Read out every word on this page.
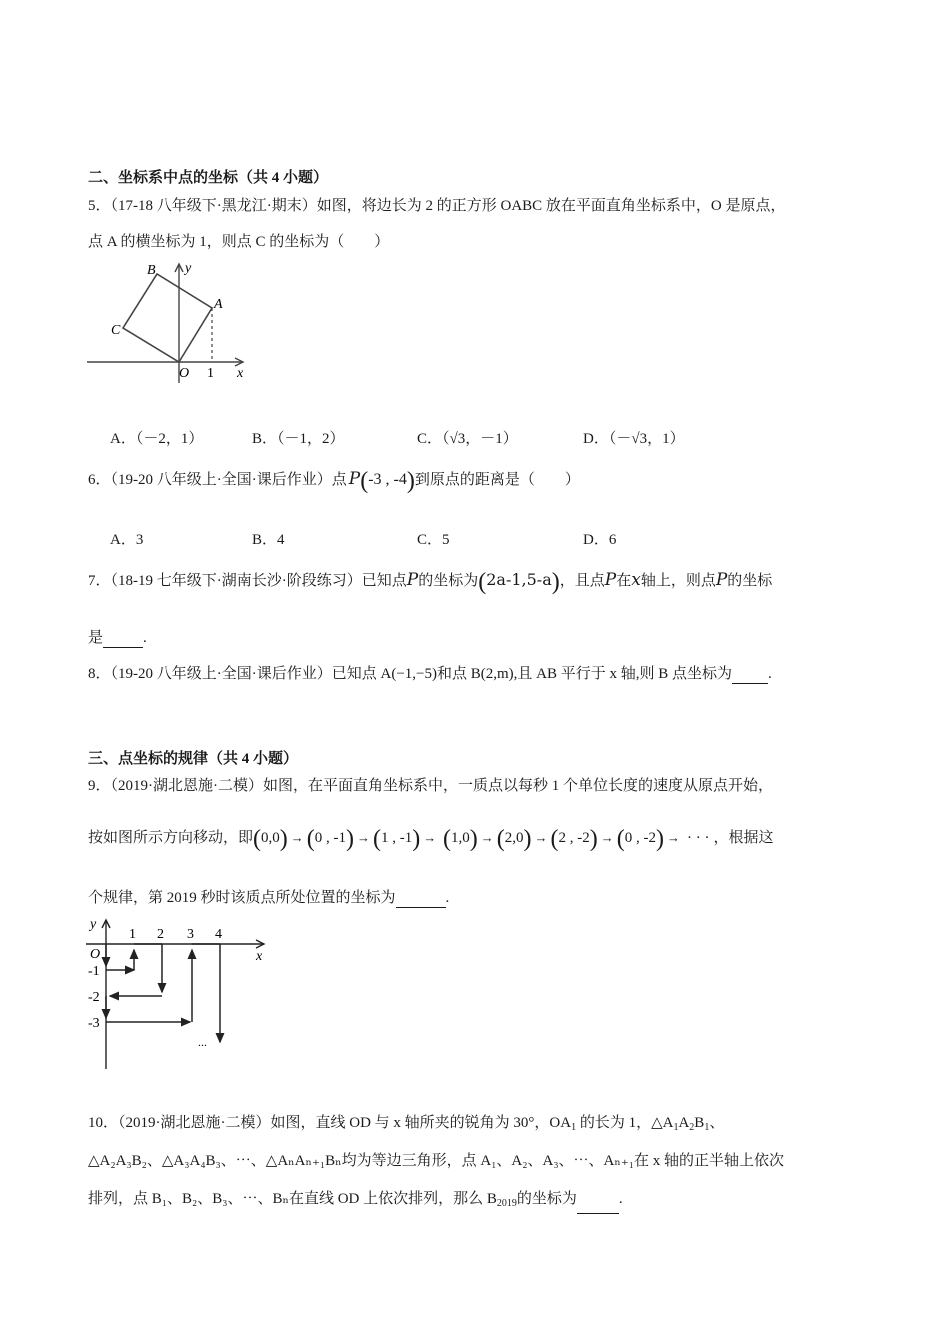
二、坐标系中点的坐标（共 4 小题）
5．（17-18 八年级下·黑龙江·期末）如图，将边长为 2 的正方形 OABC 放在平面直角坐标系中，O 是原点，
点 A 的横坐标为 1，则点 C 的坐标为（　　）
B y
A
C
O 1 x
A．（－2，1）	B．（－1，2）	C．（√3，－1）	D．（－√3，1）
6．（19-20 八年级上·全国·课后作业）点 P(-3 , -4)到原点的距离是（　　）
A．3	B．4	C．5	D．6
7．（18-19 七年级下·湖南长沙·阶段练习）已知点P的坐标为(2a-1,5-a)，且点P在x轴上，则点P的坐标
是	.
8．（19-20 八年级上·全国·课后作业）已知点 A(−1,−5)和点 B(2,m),且 AB 平行于 x 轴,则 B 点坐标为 .
三、点坐标的规律（共 4 小题）
9．（2019·湖北恩施·二模）如图，在平面直角坐标系中，一质点以每秒 1 个单位长度的速度从原点开始，
按如图所示方向移动，即(0,0) → (0 , -1) → (1 , -1) → (1,0) → (2,0) → (2 , -2) → (0 , -2) → · · · ，根据这
个规律，第 2019 秒时该质点所处位置的坐标为	.
y
x
O
1 2 3 4
-1
-2
-3
...
10．（2019·湖北恩施·二模）如图，直线 OD 与 x 轴所夹的锐角为 30°，$OA_1$ 的长为 1，$\triangle A_1A_2B_1$、
△A₂A₃B₂、△A₃A₄B₃、⋯、△AₙAₙ₊₁Bₙ均为等边三角形，点 A₁、A₂、A₃、⋯、Aₙ₊₁在 x 轴的正半轴上依次
排列，点 B₁、B₂、B₃、⋯、Bₙ在直线 OD 上依次排列，那么 $B_{2019}$的坐标为	.
